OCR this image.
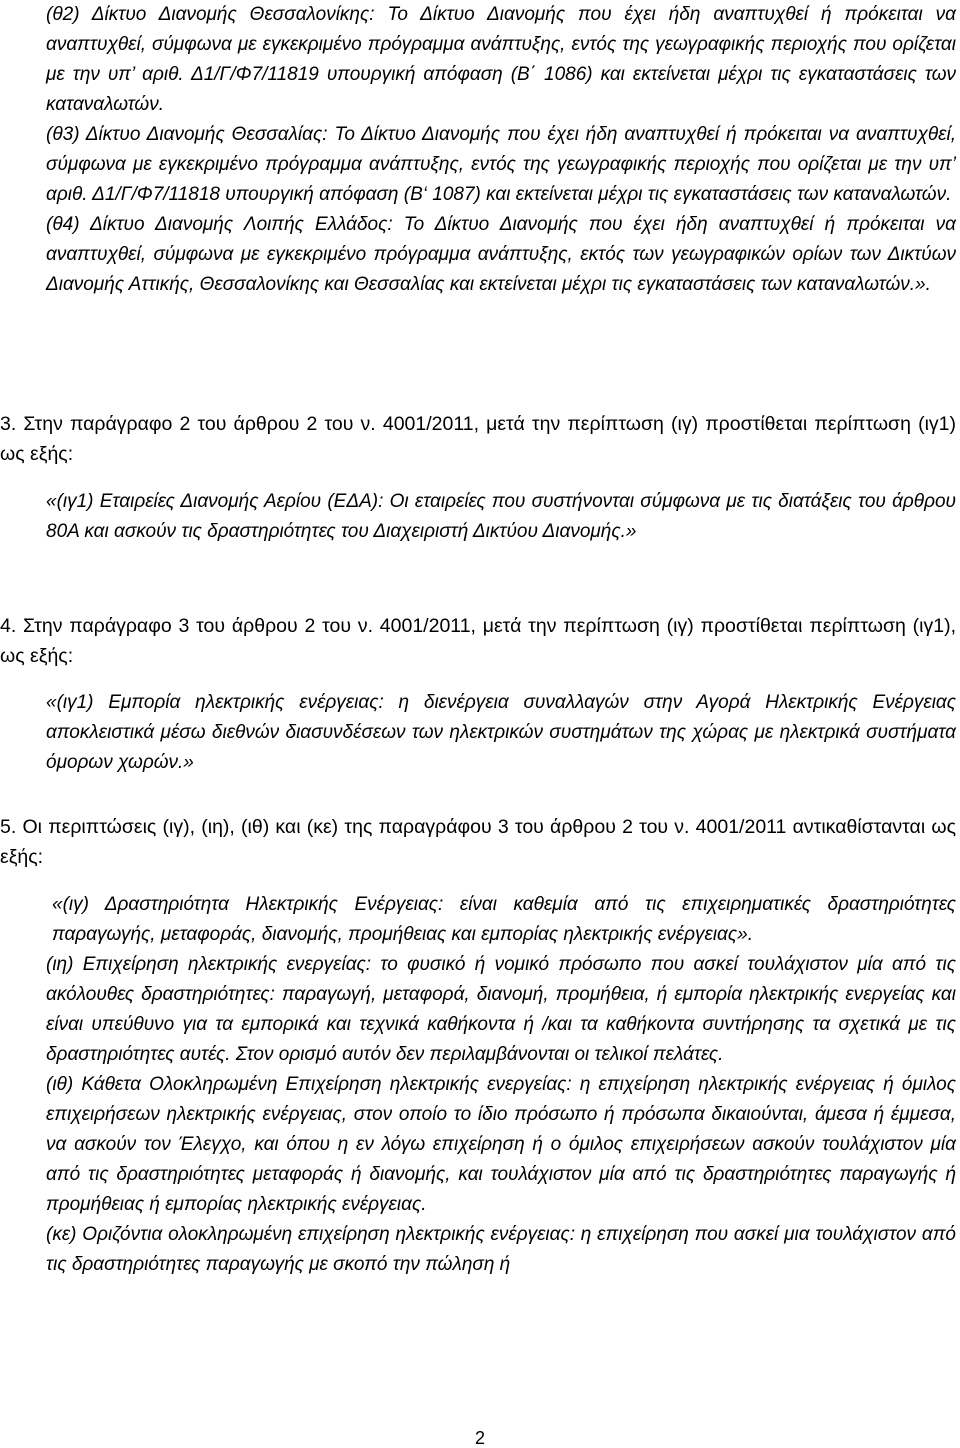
(θ2) Δίκτυο Διανομής Θεσσαλονίκης: Το Δίκτυο Διανομής που έχει ήδη αναπτυχθεί ή πρόκειται να αναπτυχθεί, σύμφωνα με εγκεκριμένο πρόγραμμα ανάπτυξης, εντός της γεωγραφικής περιοχής που ορίζεται με την υπ’ αριθ. Δ1/Γ/Φ7/11819 υπουργική απόφαση (Β΄ 1086) και εκτείνεται μέχρι τις εγκαταστάσεις των καταναλωτών.

(θ3) Δίκτυο Διανομής Θεσσαλίας: Το Δίκτυο Διανομής που έχει ήδη αναπτυχθεί ή πρόκειται να αναπτυχθεί, σύμφωνα με εγκεκριμένο πρόγραμμα ανάπτυξης, εντός της γεωγραφικής περιοχής που ορίζεται με την υπ’ αριθ. Δ1/Γ/Φ7/11818 υπουργική απόφαση (Β‘ 1087) και εκτείνεται μέχρι τις εγκαταστάσεις των καταναλωτών.

(θ4) Δίκτυο Διανομής Λοιπής Ελλάδος: Το Δίκτυο Διανομής που έχει ήδη αναπτυχθεί ή πρόκειται να αναπτυχθεί, σύμφωνα με εγκεκριμένο πρόγραμμα ανάπτυξης, εκτός των γεωγραφικών ορίων των Δικτύων Διανομής Αττικής, Θεσσαλονίκης και Θεσσαλίας και εκτείνεται μέχρι τις εγκαταστάσεις των καταναλωτών.».

3. Στην παράγραφο 2 του άρθρου 2 του ν. 4001/2011, μετά την περίπτωση (ιγ) προστίθεται περίπτωση (ιγ1) ως εξής:

«(ιγ1) Εταιρείες Διανομής Αερίου (ΕΔΑ): Οι εταιρείες που συστήνονται σύμφωνα με τις διατάξεις του άρθρου 80Α και ασκούν τις δραστηριότητες του Διαχειριστή Δικτύου Διανομής.»

4. Στην παράγραφο 3 του άρθρου 2 του ν. 4001/2011, μετά την περίπτωση (ιγ) προστίθεται περίπτωση (ιγ1), ως εξής:

«(ιγ1) Εμπορία ηλεκτρικής ενέργειας: η διενέργεια συναλλαγών στην Αγορά Ηλεκτρικής Ενέργειας αποκλειστικά μέσω διεθνών διασυνδέσεων των ηλεκτρικών συστημάτων της χώρας με ηλεκτρικά συστήματα όμορων χωρών.»

5. Οι περιπτώσεις (ιγ), (ιη), (ιθ) και (κε) της παραγράφου 3 του άρθρου 2 του ν. 4001/2011 αντικαθίστανται ως εξής:

«(ιγ) Δραστηριότητα Ηλεκτρικής Ενέργειας: είναι καθεμία από τις επιχειρηματικές δραστηριότητες παραγωγής, μεταφοράς, διανομής, προμήθειας και εμπορίας ηλεκτρικής ενέργειας».

(ιη) Επιχείρηση ηλεκτρικής ενεργείας: το φυσικό ή νομικό πρόσωπο που ασκεί τουλάχιστον μία από τις ακόλουθες δραστηριότητες: παραγωγή, μεταφορά, διανομή, προμήθεια, ή εμπορία ηλεκτρικής ενεργείας και είναι υπεύθυνο για τα εμπορικά και τεχνικά καθήκοντα ή /και τα καθήκοντα συντήρησης τα σχετικά με τις δραστηριότητες αυτές. Στον ορισμό αυτόν δεν περιλαμβάνονται οι τελικοί πελάτες.

(ιθ) Κάθετα Ολοκληρωμένη Επιχείρηση ηλεκτρικής ενεργείας: η επιχείρηση ηλεκτρικής ενέργειας ή όμιλος επιχειρήσεων ηλεκτρικής ενέργειας, στον οποίο το ίδιο πρόσωπο ή πρόσωπα δικαιούνται, άμεσα ή έμμεσα, να ασκούν τον Έλεγχο, και όπου η εν λόγω επιχείρηση ή ο όμιλος επιχειρήσεων ασκούν τουλάχιστον μία από τις δραστηριότητες μεταφοράς ή διανομής, και τουλάχιστον μία από τις δραστηριότητες παραγωγής ή προμήθειας ή εμπορίας ηλεκτρικής ενέργειας.

(κε) Οριζόντια ολοκληρωμένη επιχείρηση ηλεκτρικής ενέργειας: η επιχείρηση που ασκεί μια τουλάχιστον από τις δραστηριότητες παραγωγής με σκοπό την πώληση ή

2
